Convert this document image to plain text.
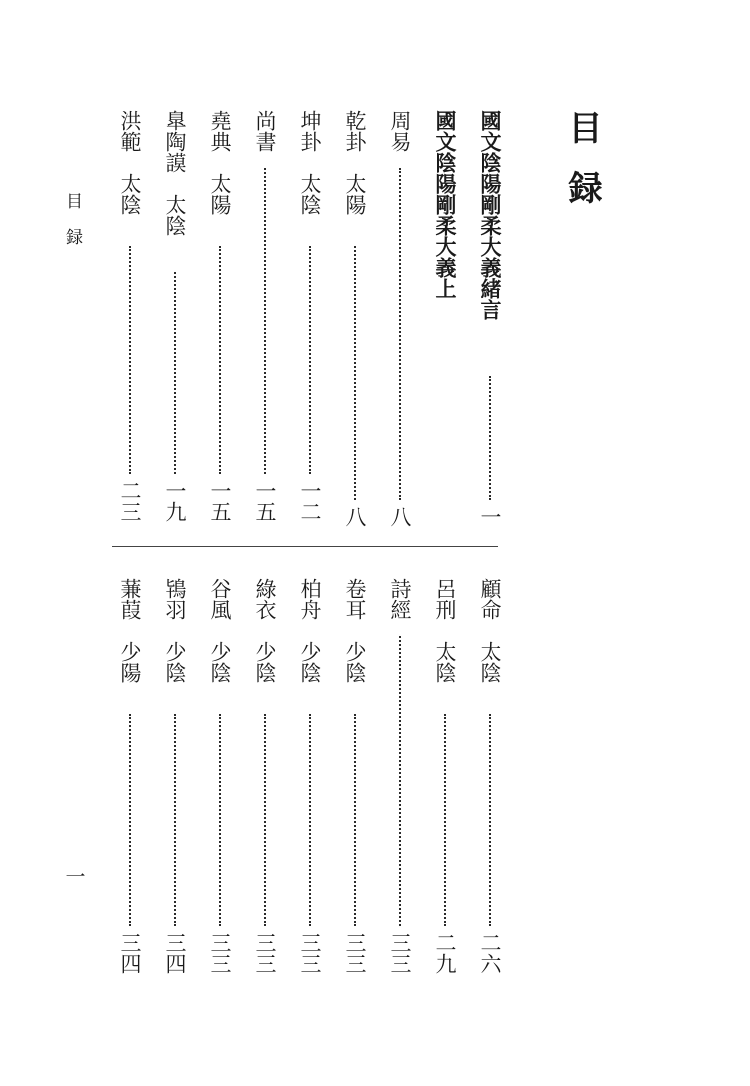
目録
目録
一
國文陰陽剛柔大義緒言
一
國文陰陽剛柔大義上
周易
八
乾卦　太陽
八
坤卦　太陰
一二
尚書
一五
堯典　太陽
一五
臯陶謨　太陰
一九
洪範　太陰
二三
顧命　太陰
二六
呂刑　太陰
二九
詩經
三三
卷耳　少陰
三三
柏舟　少陰
三三
綠衣　少陰
三三
谷風　少陰
三三
鴇羽　少陰
三四
蒹葭　少陽
三四
